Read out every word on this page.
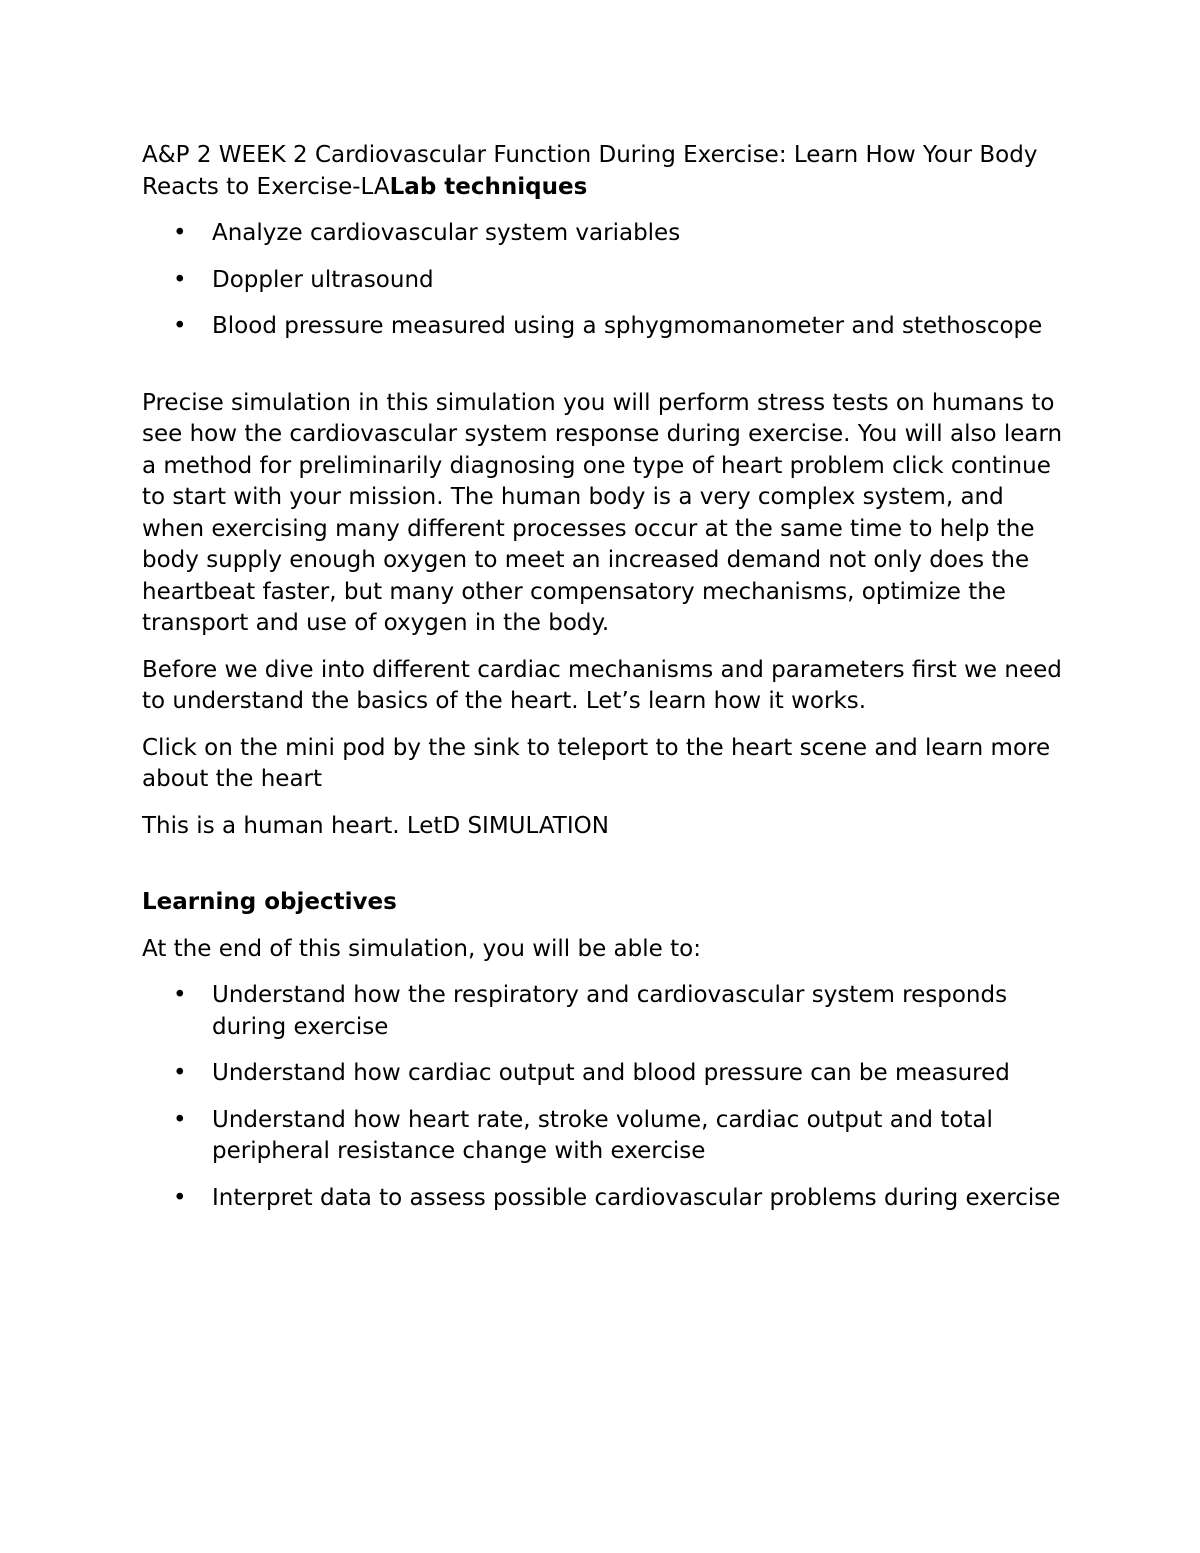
A&P 2 WEEK 2 Cardiovascular Function During Exercise: Learn How Your Body
Reacts to Exercise-LALab techniques

• Analyze cardiovascular system variables
• Doppler ultrasound
• Blood pressure measured using a sphygmomanometer and stethoscope

Precise simulation in this simulation you will perform stress tests on humans to see how the cardiovascular system response during exercise. You will also learn a method for preliminarily diagnosing one type of heart problem click continue to start with your mission. The human body is a very complex system, and when exercising many different processes occur at the same time to help the body supply enough oxygen to meet an increased demand not only does the heartbeat faster, but many other compensatory mechanisms, optimize the transport and use of oxygen in the body.

Before we dive into different cardiac mechanisms and parameters first we need to understand the basics of the heart. Let’s learn how it works.

Click on the mini pod by the sink to teleport to the heart scene and learn more about the heart

This is a human heart. LetD SIMULATION

Learning objectives

At the end of this simulation, you will be able to:

• Understand how the respiratory and cardiovascular system responds during exercise
• Understand how cardiac output and blood pressure can be measured
• Understand how heart rate, stroke volume, cardiac output and total peripheral resistance change with exercise
• Interpret data to assess possible cardiovascular problems during exercise
